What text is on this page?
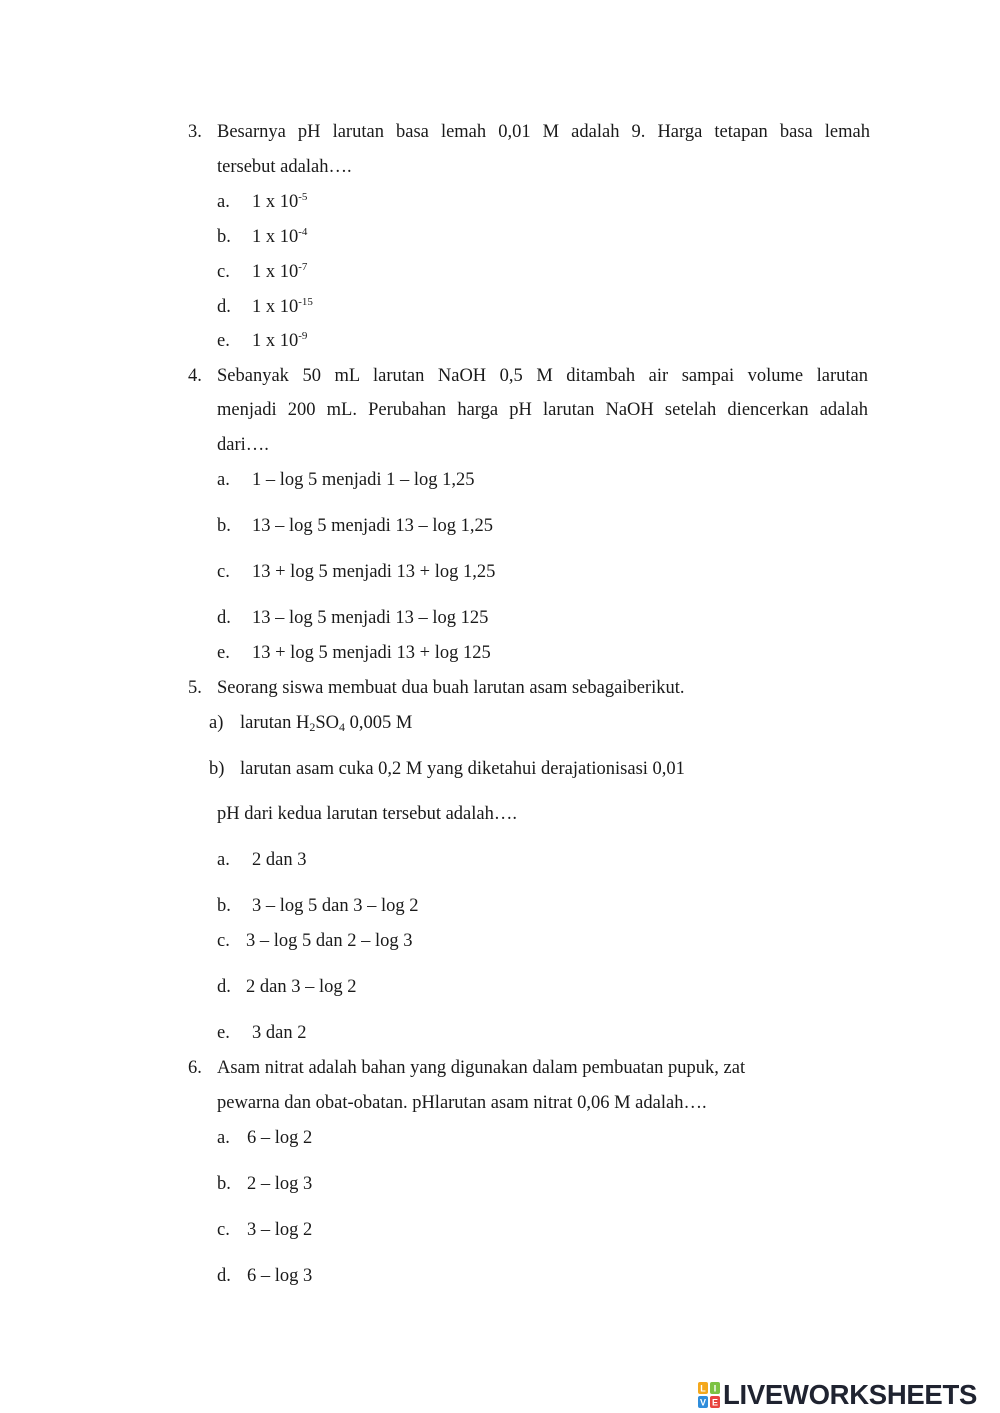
3. Besarnya pH larutan basa lemah 0,01 M adalah 9. Harga tetapan basa lemah
tersebut adalah….
a. 1 x $10^{-5}$
b. 1 x $10^{-4}$
c. 1 x $10^{-7}$
d. 1 x $10^{-15}$
e. 1 x $10^{-9}$
4. Sebanyak 50 mL larutan NaOH 0,5 M ditambah air sampai volume larutan
menjadi 200 mL. Perubahan harga pH larutan NaOH setelah diencerkan adalah
dari….
a. 1 – log 5 menjadi 1 – log 1,25
b. 13 – log 5 menjadi 13 – log 1,25
c. 13 + log 5 menjadi 13 + log 1,25
d. 13 – log 5 menjadi 13 – log 125
e. 13 + log 5 menjadi 13 + log 125
5. Seorang siswa membuat dua buah larutan asam sebagaiberikut.
a) larutan $H_2SO_4$ 0,005 M
b) larutan asam cuka 0,2 M yang diketahui derajationisasi 0,01
pH dari kedua larutan tersebut adalah….
a. 2 dan 3
b. 3 – log 5 dan 3 – log 2
c. 3 – log 5 dan 2 – log 3
d. 2 dan 3 – log 2
e. 3 dan 2
6. Asam nitrat adalah bahan yang digunakan dalam pembuatan pupuk, zat
pewarna dan obat-obatan. pHlarutan asam nitrat 0,06 M adalah….
a. 6 – log 2
b. 2 – log 3
c. 3 – log 2
d. 6 – log 3
L I
V E LIVEWORKSHEETS
